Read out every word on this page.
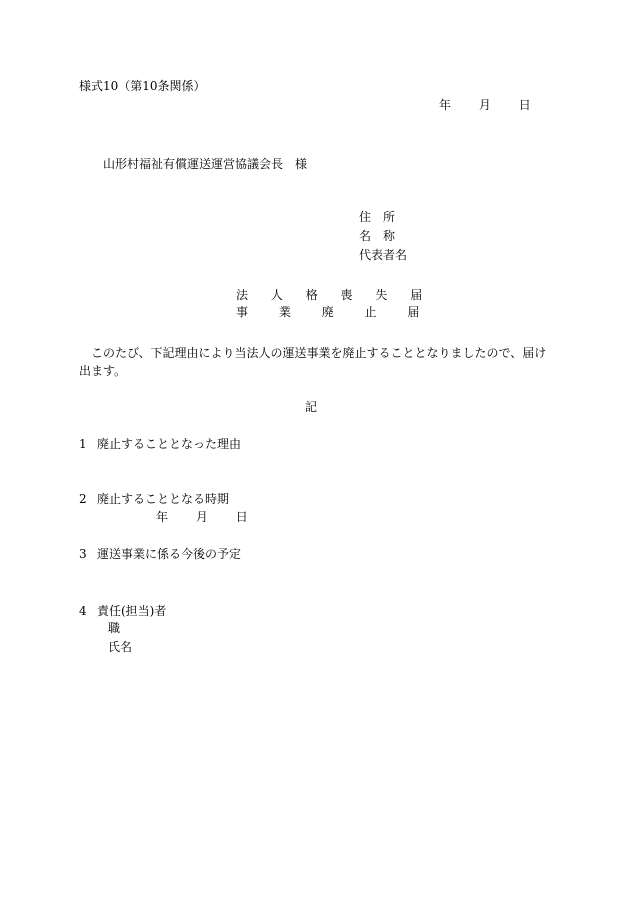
様式10（第10条関係）
年 月 日
山形村福祉有償運送運営協議会長　様
住　所
名　称
代表者名
法 人 格 喪 失 届
事	業	廃	止	届
このたび、下記理由により当法人の運送事業を廃止することとなりましたので、届け出ます。
記
1 廃止することとなった理由
2 廃止することとなる時期
年 月 日
3 運送事業に係る今後の予定
4 責任(担当)者
職
氏名
